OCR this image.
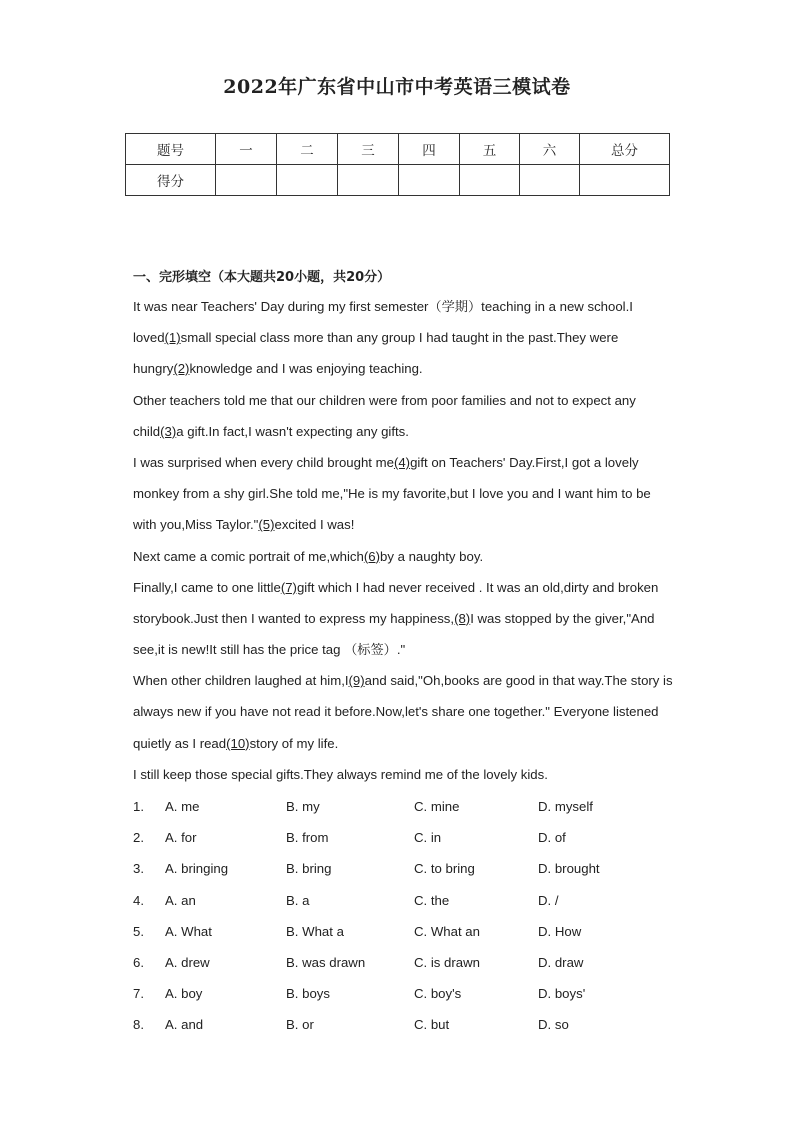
2022年广东省中山市中考英语三模试卷
题号	一	二	三	四	五	六	总分
得分							
一、完形填空（本大题共20小题，共20分）
It was near Teachers' Day during my first semester（学期）teaching in a new school.I
loved(1)small special class more than any group I had taught in the past.They were
hungry(2)knowledge and I was enjoying teaching.
Other teachers told me that our children were from poor families and not to expect any
child(3)a gift.In fact,I wasn't expecting any gifts.
I was surprised when every child brought me(4)gift on Teachers' Day.First,I got a lovely
monkey from a shy girl.She told me,"He is my favorite,but I love you and I want him to be
with you,Miss Taylor."(5)excited I was!
Next came a comic portrait of me,which(6)by a naughty boy.
Finally,I came to one little(7)gift which I had never received . It was an old,dirty and broken
storybook.Just then I wanted to express my happiness,(8)I was stopped by the giver,"And
see,it is new!It still has the price tag （标签）."
When other children laughed at him,I(9)and said,"Oh,books are good in that way.The story is
always new if you have not read it before.Now,let's share one together." Everyone listened
quietly as I read(10)story of my life.
I still keep those special gifts.They always remind me of the lovely kids.
1. A. me	B. my	C. mine	D. myself
2. A. for	B. from	C. in	D. of
3. A. bringing	B. bring	C. to bring	D. brought
4. A. an	B. a	C. the	D. /
5. A. What	B. What a	C. What an	D. How
6. A. drew	B. was drawn	C. is drawn	D. draw
7. A. boy	B. boys	C. boy's	D. boys'
8. A. and	B. or	C. but	D. so
